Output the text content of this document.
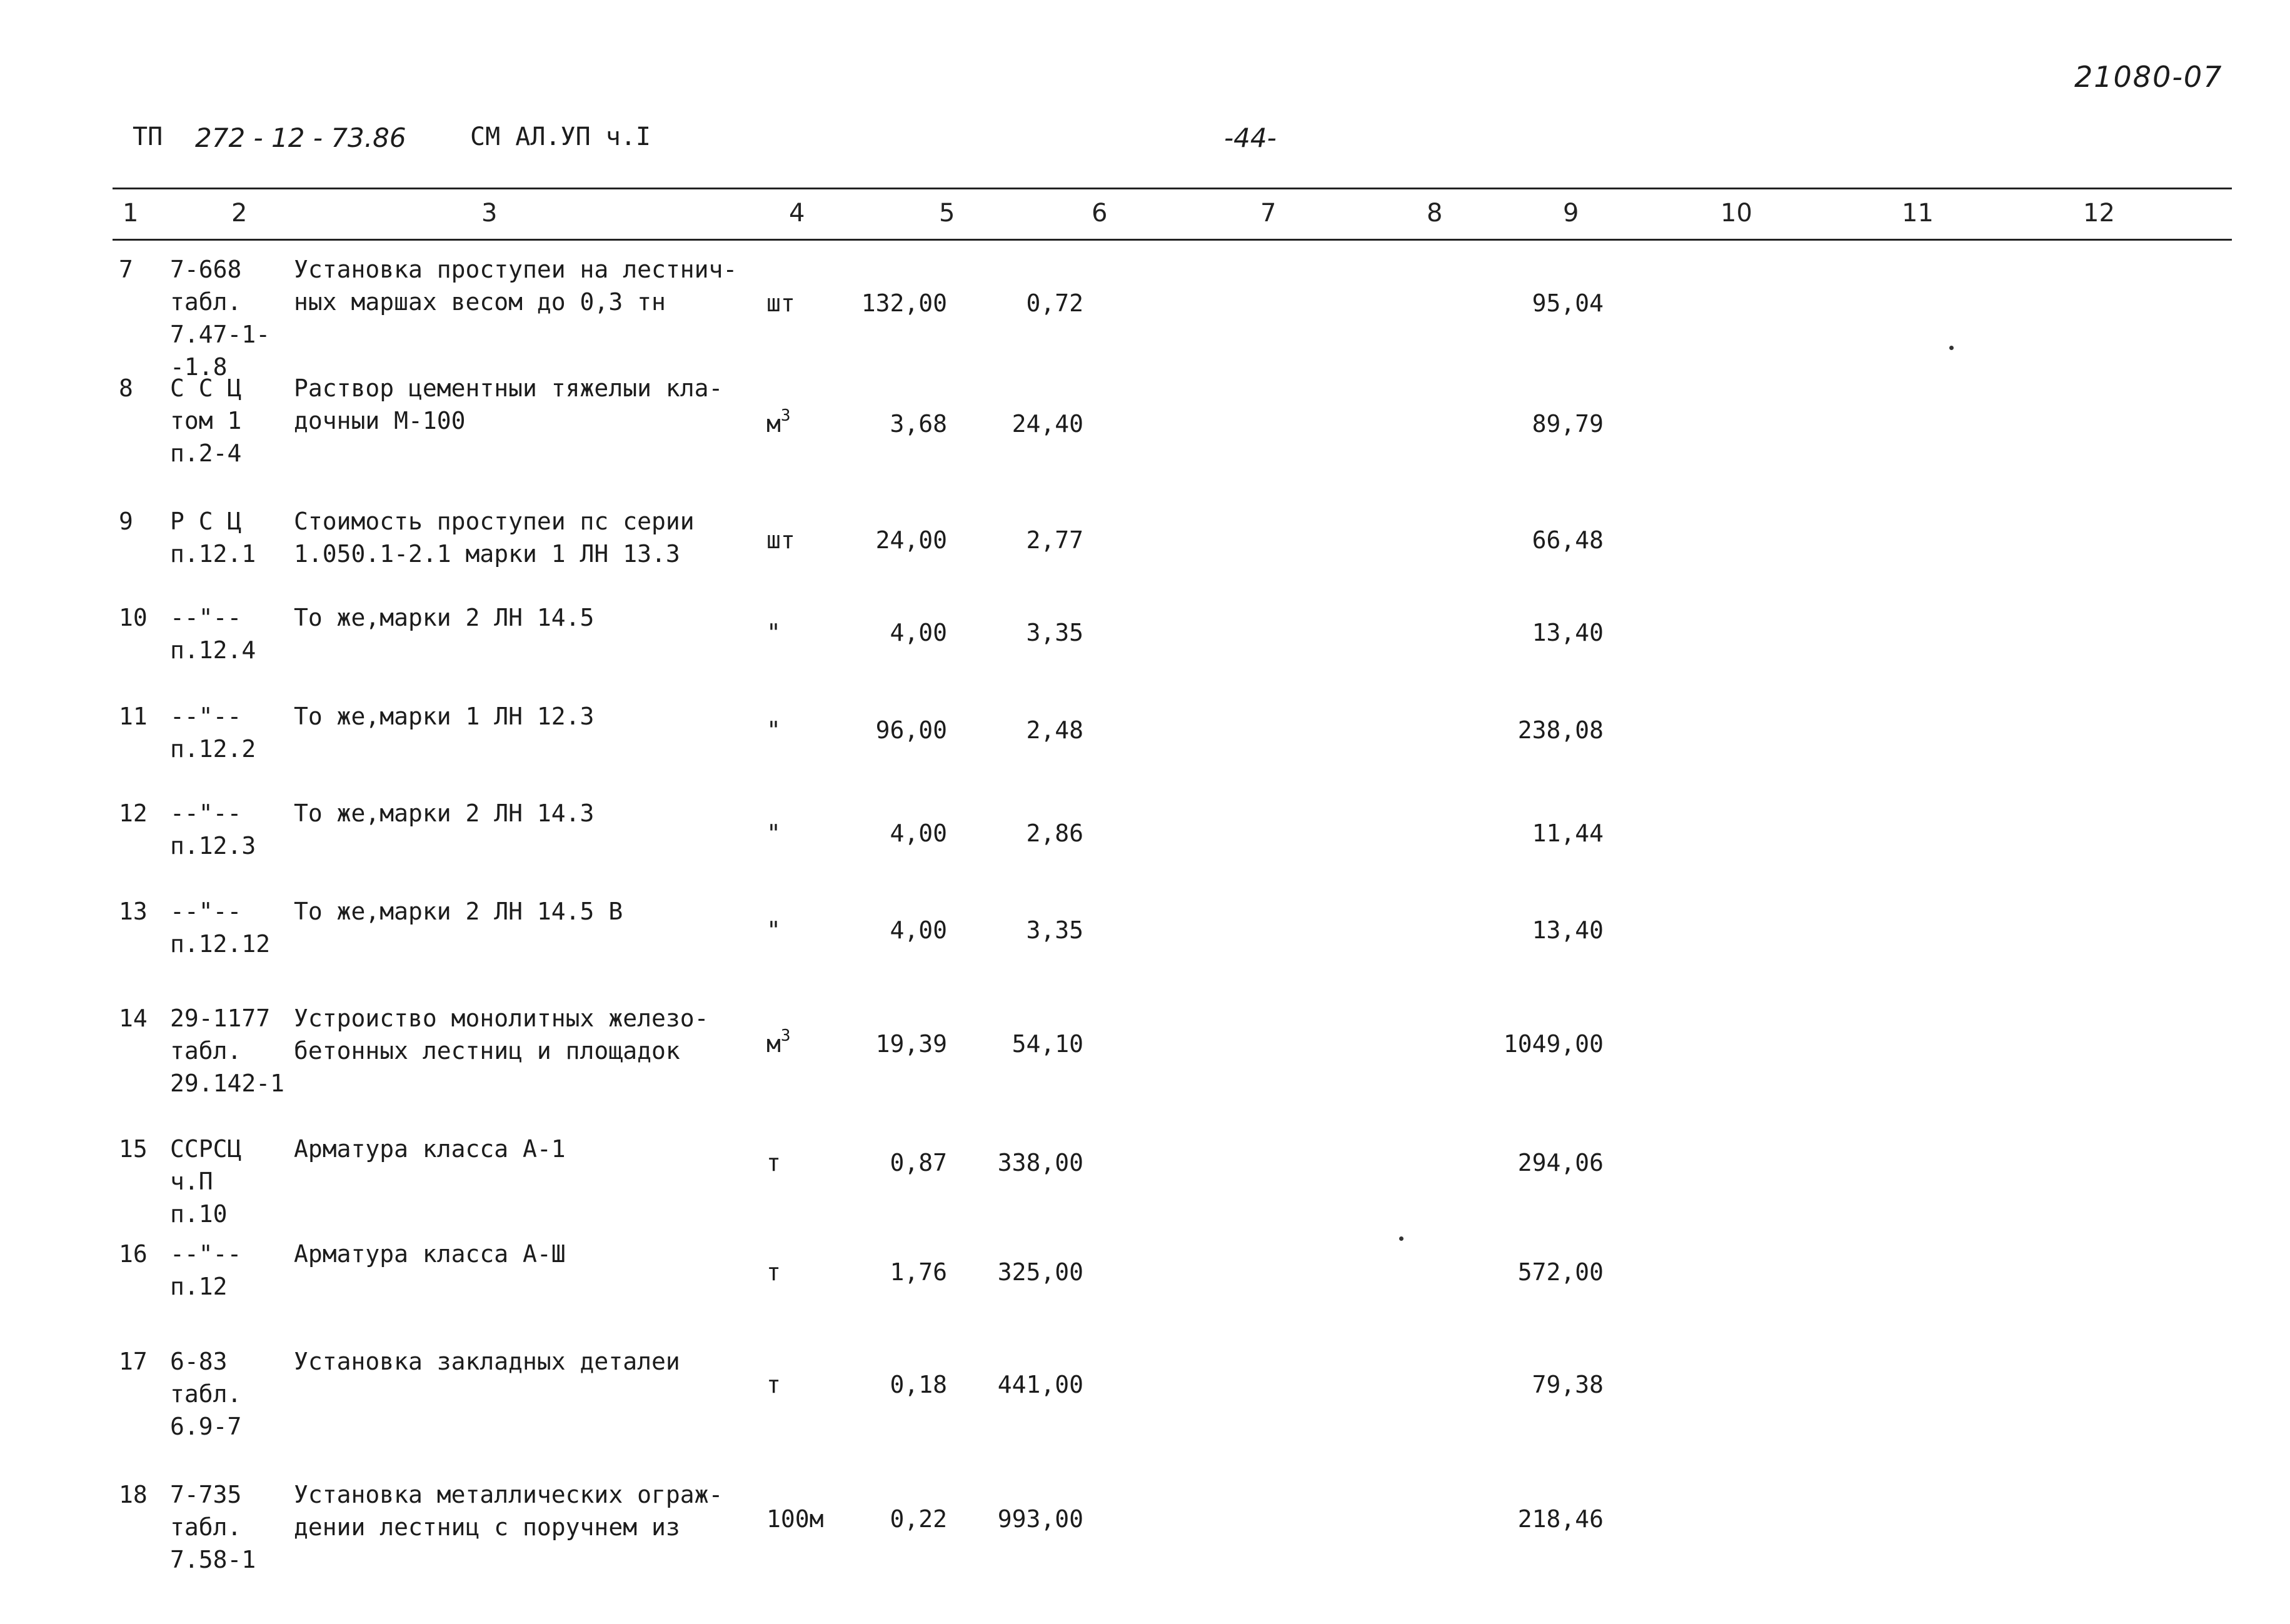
21080-07
ТП 272 - 12 - 73.86	СМ АЛ.УП ч.I	-44-
1	2	3	4	5	6	7	8	9	10	11	12
7 7-668
табл.
7.47-1-
-1.8
Установка проступеи на лестнич-
ных маршах весом до 0,3 тн	шт	132,00	0,72	95,04
8 С С Ц
том 1
п.2-4
Раствор цементныи тяжелыи кла-
дочныи М-100	$м^3$	3,68	24,40	89,79
9 Р С Ц
п.12.1
Стоимость проступеи пс серии
1.050.1-2.1 марки 1 ЛН 13.3	шт	24,00	2,77	66,48
10 --"--
п.12.4
То же,марки 2 ЛН 14.5
"	4,00	3,35	13,40
11 --"--
п.12.2
То же,марки 1 ЛН 12.3	"	96,00	2,48	238,08
12 --"--
п.12.3
То же,марки 2 ЛН 14.3
"	4,00	2,86	11,44
13 --"--
п.12.12
То же,марки 2 ЛН 14.5 В
"	4,00	3,35	13,40
14 29-1177
табл.
29.142-1
Устроиство монолитных железо-
бетонных лестниц и площадок	$м^3$	19,39	54,10	1049,00
15 ССРСЦ
ч.П
п.10
Арматура класса А-1	т	0,87 338,00	294,06
16 --"--
п.12
Арматура класса А-Ш
т	1,76 325,00	572,00
17 6-83
табл.
6.9-7
Установка закладных деталеи
т	0,18 441,00	79,38
18 7-735
табл.
7.58-1
Установка металлических ограж-
дении лестниц с поручнем из	100м	0,22 993,00	218,46
